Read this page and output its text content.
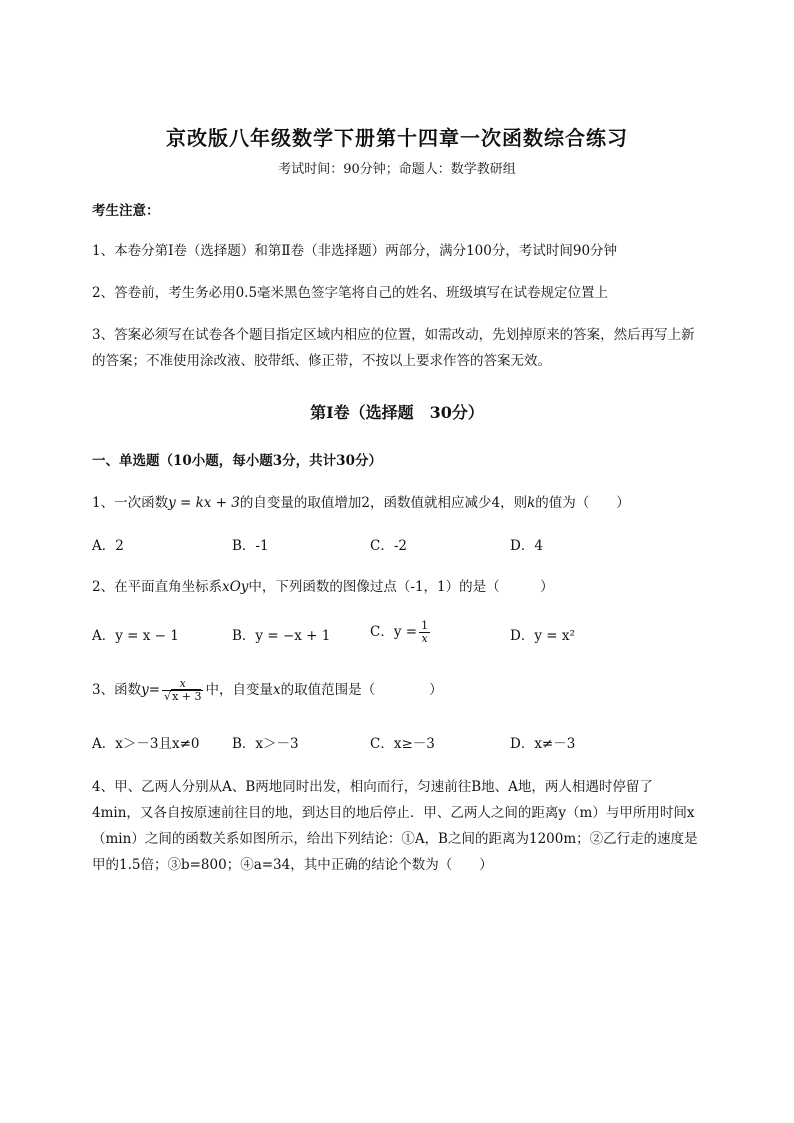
京改版八年级数学下册第十四章一次函数综合练习
考试时间：90分钟；命题人：数学教研组
考生注意：
1、本卷分第I卷（选择题）和第Ⅱ卷（非选择题）两部分，满分100分，考试时间90分钟
2、答卷前，考生务必用0.5毫米黑色签字笔将自己的姓名、班级填写在试卷规定位置上
3、答案必须写在试卷各个题目指定区域内相应的位置，如需改动，先划掉原来的答案，然后再写上新
的答案；不准使用涂改液、胶带纸、修正带，不按以上要求作答的答案无效。
第I卷（选择题　30分）
一、单选题（10小题，每小题3分，共计30分）
1、一次函数y = kx + 3的自变量的取值增加2，函数值就相应减少4，则k的值为（　　）
A．2	B．-1	C．-2	D．4
2、在平面直角坐标系xOy中，下列函数的图像过点（-1，1）的是（　　　）
A．y = x − 1	B．y = −x + 1	C．$y = \frac{1}{x}$	D．y = x²
3、函数$y= \frac{x}{√x + 3}$ 中，自变量x的取值范围是（　　　　）
A．x＞－3且x≠0 B．x＞－3	C．x≥－3	D．x≠－3
4、甲、乙两人分别从A、B两地同时出发，相向而行，匀速前往B地、A地，两人相遇时停留了
4min，又各自按原速前往目的地，到达目的地后停止．甲、乙两人之间的距离y（m）与甲所用时间x
（min）之间的函数关系如图所示，给出下列结论：①A，B之间的距离为1200m；②乙行走的速度是
甲的1.5倍；③b=800；④a=34，其中正确的结论个数为（　　）
